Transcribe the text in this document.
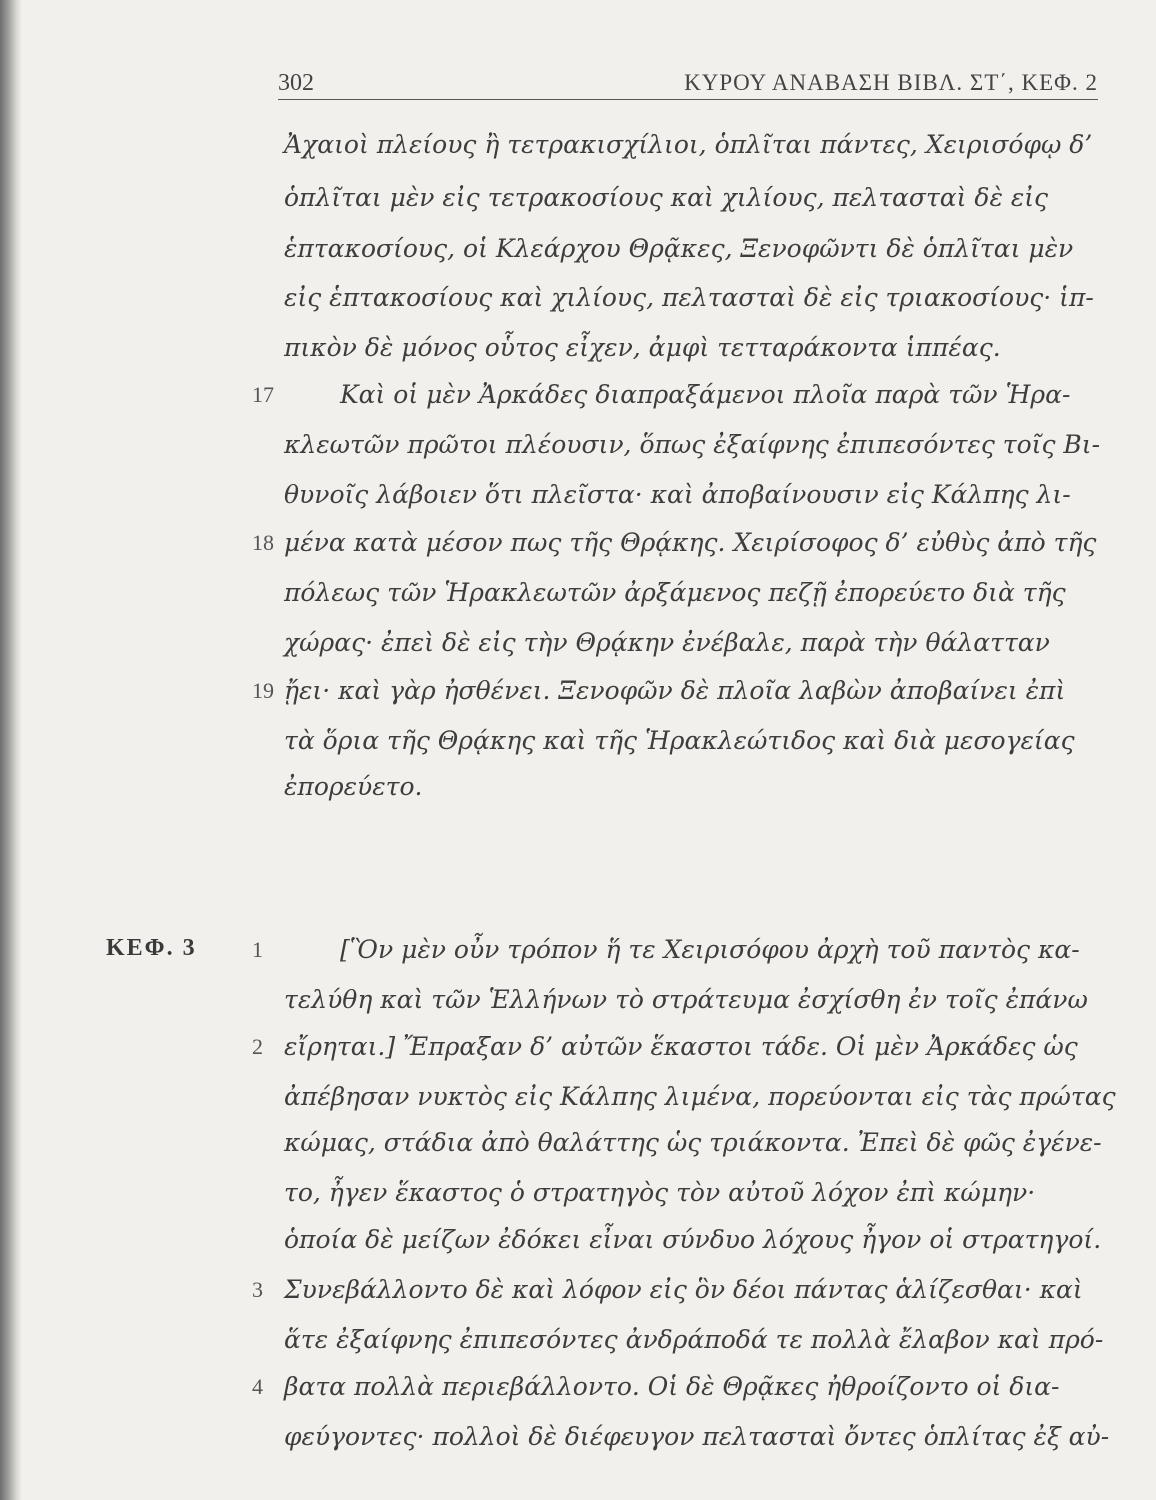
302	ΚΥΡΟΥ ΑΝΑΒΑΣΗ ΒΙΒΛ. ΣΤ΄, ΚΕΦ. 2
Ἀχαιοὶ πλείους ἢ τετρακισχίλιοι, ὁπλῖται πάντες, Χειρισόφῳ δ’
ὁπλῖται μὲν εἰς τετρακοσίους καὶ χιλίους, πελτασταὶ δὲ εἰς
ἑπτακοσίους, οἱ Κλεάρχου Θρᾷκες, Ξενοφῶντι δὲ ὁπλῖται μὲν
εἰς ἑπτακοσίους καὶ χιλίους, πελτασταὶ δὲ εἰς τριακοσίους· ἱπ-
πικὸν δὲ μόνος οὗτος εἶχεν, ἀμφὶ τετταράκοντα ἱππέας.
17	Καὶ οἱ μὲν Ἀρκάδες διαπραξάμενοι πλοῖα παρὰ τῶν Ἡρα-
κλεωτῶν πρῶτοι πλέουσιν, ὅπως ἐξαίφνης ἐπιπεσόντες τοῖς Βι-
θυνοῖς λάβοιεν ὅτι πλεῖστα· καὶ ἀποβαίνουσιν εἰς Κάλπης λι-
18 μένα κατὰ μέσον πως τῆς Θρᾴκης. Χειρίσοφος δ’ εὐθὺς ἀπὸ τῆς
πόλεως τῶν Ἡρακλεωτῶν ἀρξάμενος πεζῇ ἐπορεύετο διὰ τῆς
χώρας· ἐπεὶ δὲ εἰς τὴν Θρᾴκην ἐνέβαλε, παρὰ τὴν θάλατταν
19 ᾔει· καὶ γὰρ ἠσθένει. Ξενοφῶν δὲ πλοῖα λαβὼν ἀποβαίνει ἐπὶ
τὰ ὅρια τῆς Θρᾴκης καὶ τῆς Ἡρακλεώτιδος καὶ διὰ μεσογείας
ἐπορεύετο.
ΚΕΦ. 3	1	[Ὃν μὲν οὖν τρόπον ἥ τε Χειρισόφου ἀρχὴ τοῦ παντὸς κα-
τελύθη καὶ τῶν Ἑλλήνων τὸ στράτευμα ἐσχίσθη ἐν τοῖς ἐπάνω
2 εἴρηται.] Ἔπραξαν δ’ αὐτῶν ἕκαστοι τάδε. Οἱ μὲν Ἀρκάδες ὡς
ἀπέβησαν νυκτὸς εἰς Κάλπης λιμένα, πορεύονται εἰς τὰς πρώτας
κώμας, στάδια ἀπὸ θαλάττης ὡς τριάκοντα. Ἐπεὶ δὲ φῶς ἐγένε-
το, ἦγεν ἕκαστος ὁ στρατηγὸς τὸν αὐτοῦ λόχον ἐπὶ κώμην·
ὁποία δὲ μείζων ἐδόκει εἶναι σύνδυο λόχους ἦγον οἱ στρατηγοί.
3 Συνεβάλλοντο δὲ καὶ λόφον εἰς ὃν δέοι πάντας ἁλίζεσθαι· καὶ
ἅτε ἐξαίφνης ἐπιπεσόντες ἀνδράποδά τε πολλὰ ἔλαβον καὶ πρό-
4 βατα πολλὰ περιεβάλλοντο. Οἱ δὲ Θρᾷκες ἠθροίζοντο οἱ δια-
φεύγοντες· πολλοὶ δὲ διέφευγον πελτασταὶ ὄντες ὁπλίτας ἐξ αὐ-
